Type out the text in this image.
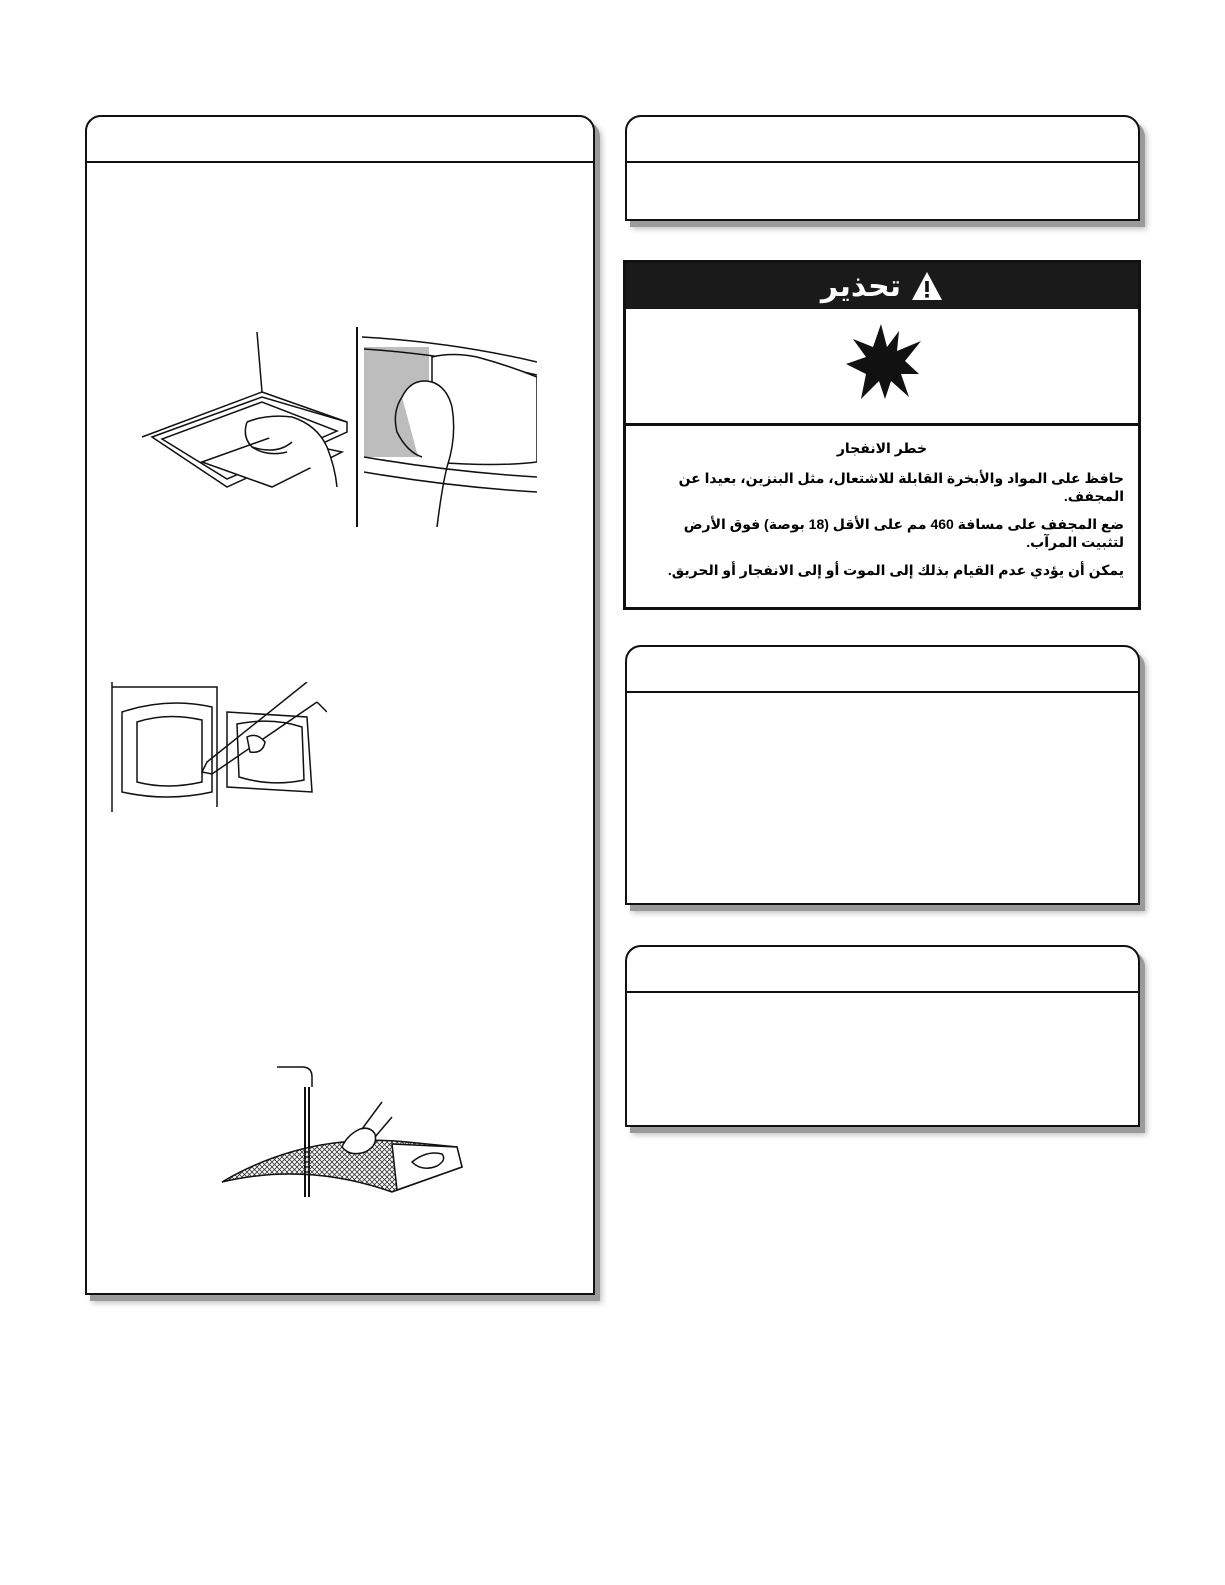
تحذير

خطر الانفجار

حافظ على المواد والأبخرة القابلة للاشتعال، مثل البنزين، بعيدا عن المجفف.

ضع المجفف على مسافة 460 مم على الأقل (18 بوصة) فوق الأرض لتثبيت المرآب.

يمكن أن يؤدي عدم القيام بذلك إلى الموت أو إلى الانفجار أو الحريق.
